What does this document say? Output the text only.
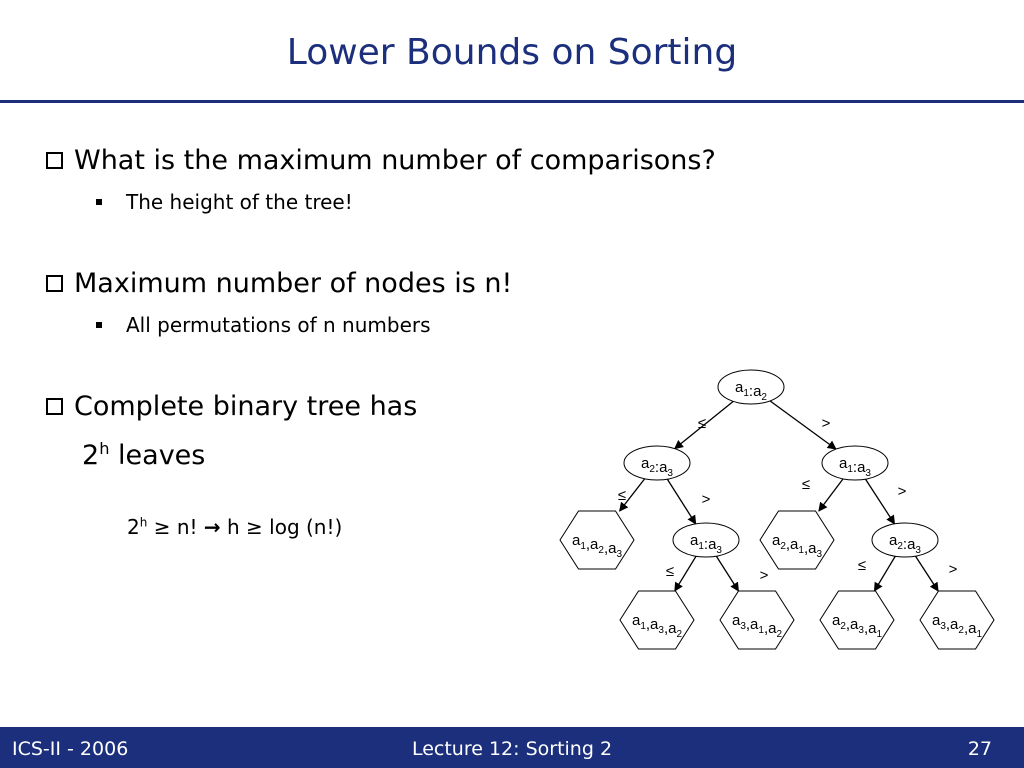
Lower Bounds on Sorting
What is the maximum number of comparisons?
The height of the tree!
Maximum number of nodes is n!
All permutations of n numbers
Complete binary tree has
2$^h$ leaves
$2^h \ge n$! → h ≥ log (n!)
≤	>
≤	>
≤	>
≤	>
≤	>
$a_1:a_2$
$a_2:a_3$
$a_1:a_3$
$a_1,a_2,a_3$
$a_1:a_3$
$a_2,a_1,a_3$
$a_2:a_3$
$a_1,a_3,a_2$
$a_3,a_1,a_2$
$a_2,a_3,a_1$
$a_3,a_2,a_1$
ICS-II - 2006	Lecture 12: Sorting 2	27
